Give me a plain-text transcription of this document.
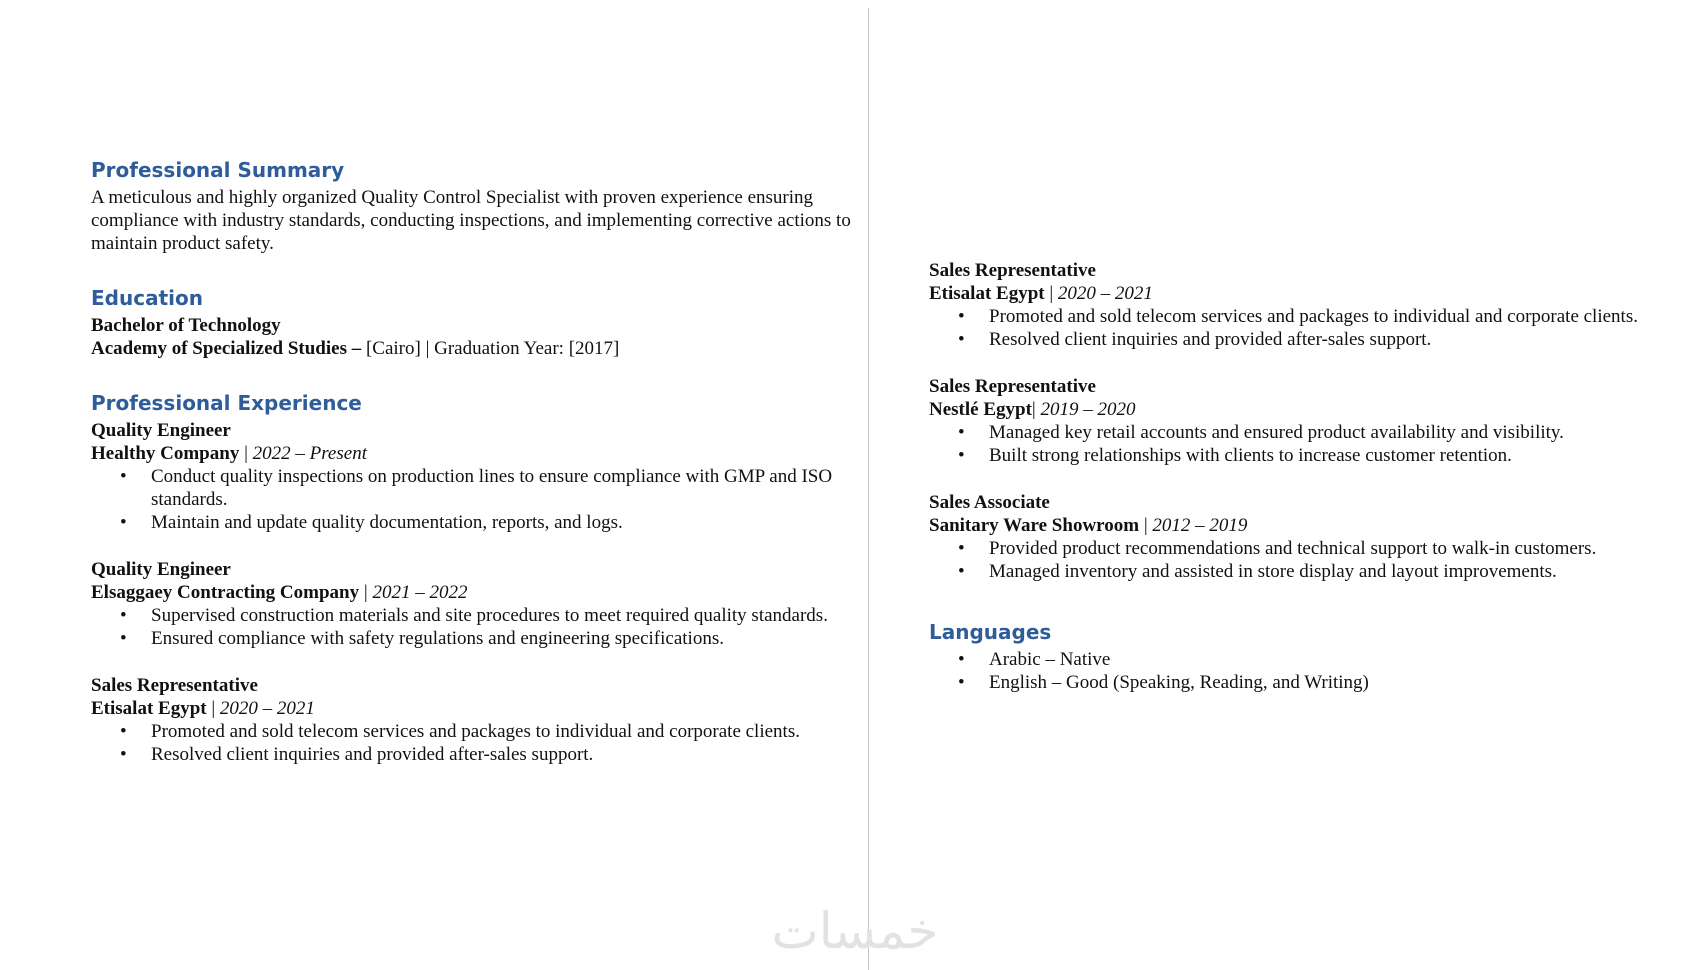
Professional Summary
A meticulous and highly organized Quality Control Specialist with proven experience ensuring compliance with industry standards, conducting inspections, and implementing corrective actions to maintain product safety.
Education
Bachelor of Technology
Academy of Specialized Studies – [Cairo] | Graduation Year: [2017]
Professional Experience
Quality Engineer
Healthy Company | 2022 – Present
• Conduct quality inspections on production lines to ensure compliance with GMP and ISO standards.
• Maintain and update quality documentation, reports, and logs.
Quality Engineer
Elsaggaey Contracting Company | 2021 – 2022
• Supervised construction materials and site procedures to meet required quality standards.
• Ensured compliance with safety regulations and engineering specifications.
Sales Representative
Etisalat Egypt | 2020 – 2021
• Promoted and sold telecom services and packages to individual and corporate clients.
• Resolved client inquiries and provided after-sales support.
Sales Representative
Etisalat Egypt | 2020 – 2021
• Promoted and sold telecom services and packages to individual and corporate clients.
• Resolved client inquiries and provided after-sales support.
Sales Representative
Nestlé Egypt| 2019 – 2020
• Managed key retail accounts and ensured product availability and visibility.
• Built strong relationships with clients to increase customer retention.
Sales Associate
Sanitary Ware Showroom | 2012 – 2019
• Provided product recommendations and technical support to walk-in customers.
• Managed inventory and assisted in store display and layout improvements.
Languages
• Arabic – Native
• English – Good (Speaking, Reading, and Writing)
خمسات
